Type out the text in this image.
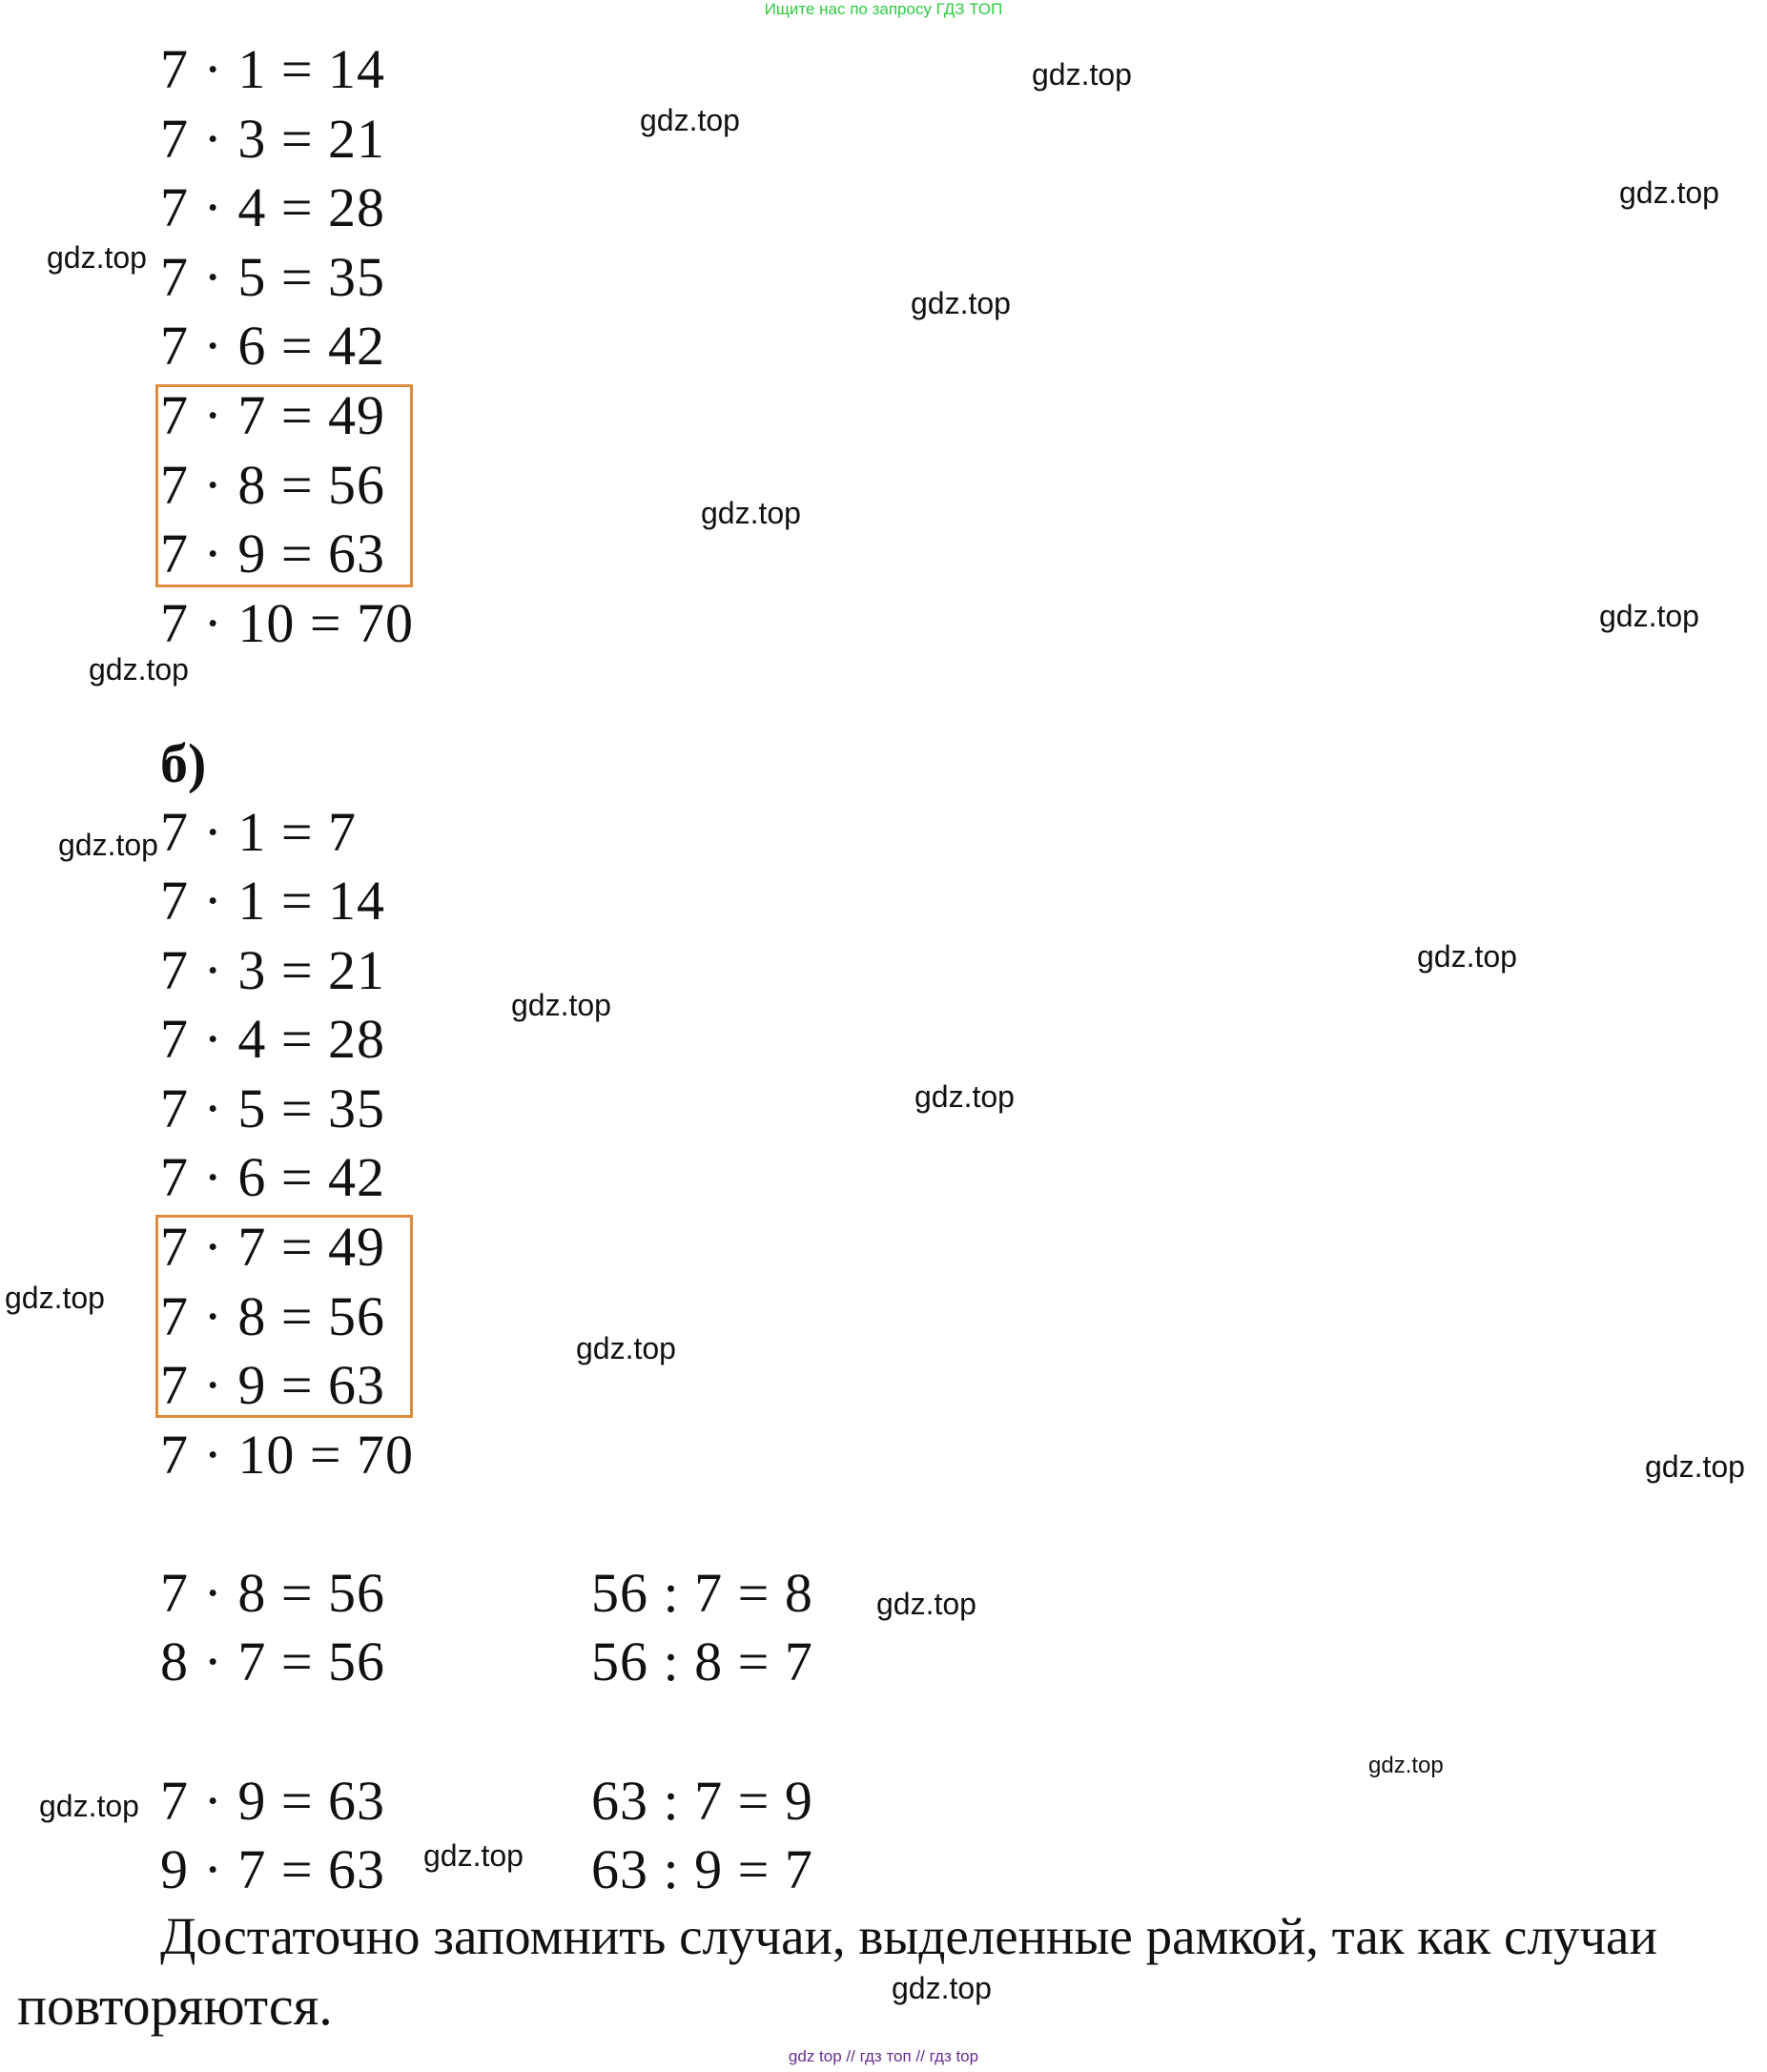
Ищите нас по запросу ГДЗ ТОП
7 · 1 = 14
7 · 3 = 21
7 · 4 = 28
7 · 5 = 35
7 · 6 = 42
7 · 7 = 49
7 · 8 = 56
7 · 9 = 63
7 · 10 = 70
б)
7 · 1 = 7
7 · 1 = 14
7 · 3 = 21
7 · 4 = 28
7 · 5 = 35
7 · 6 = 42
7 · 7 = 49
7 · 8 = 56
7 · 9 = 63
7 · 10 = 70
7 · 8 = 56	56 : 7 = 8
8 · 7 = 56	56 : 8 = 7
7 · 9 = 63	63 : 7 = 9
9 · 7 = 63	63 : 9 = 7
Достаточно запомнить случаи, выделенные рамкой, так как случаи
повторяются.
gdz.top
gdz.top
gdz.top
gdz.top
gdz.top
gdz.top
gdz.top
gdz.top
gdz.top
gdz.top
gdz.top
gdz.top
gdz.top
gdz.top
gdz.top
gdz.top
gdz.top
gdz.top
gdz.top
gdz.top
gdz top // гдз топ // гдз top
